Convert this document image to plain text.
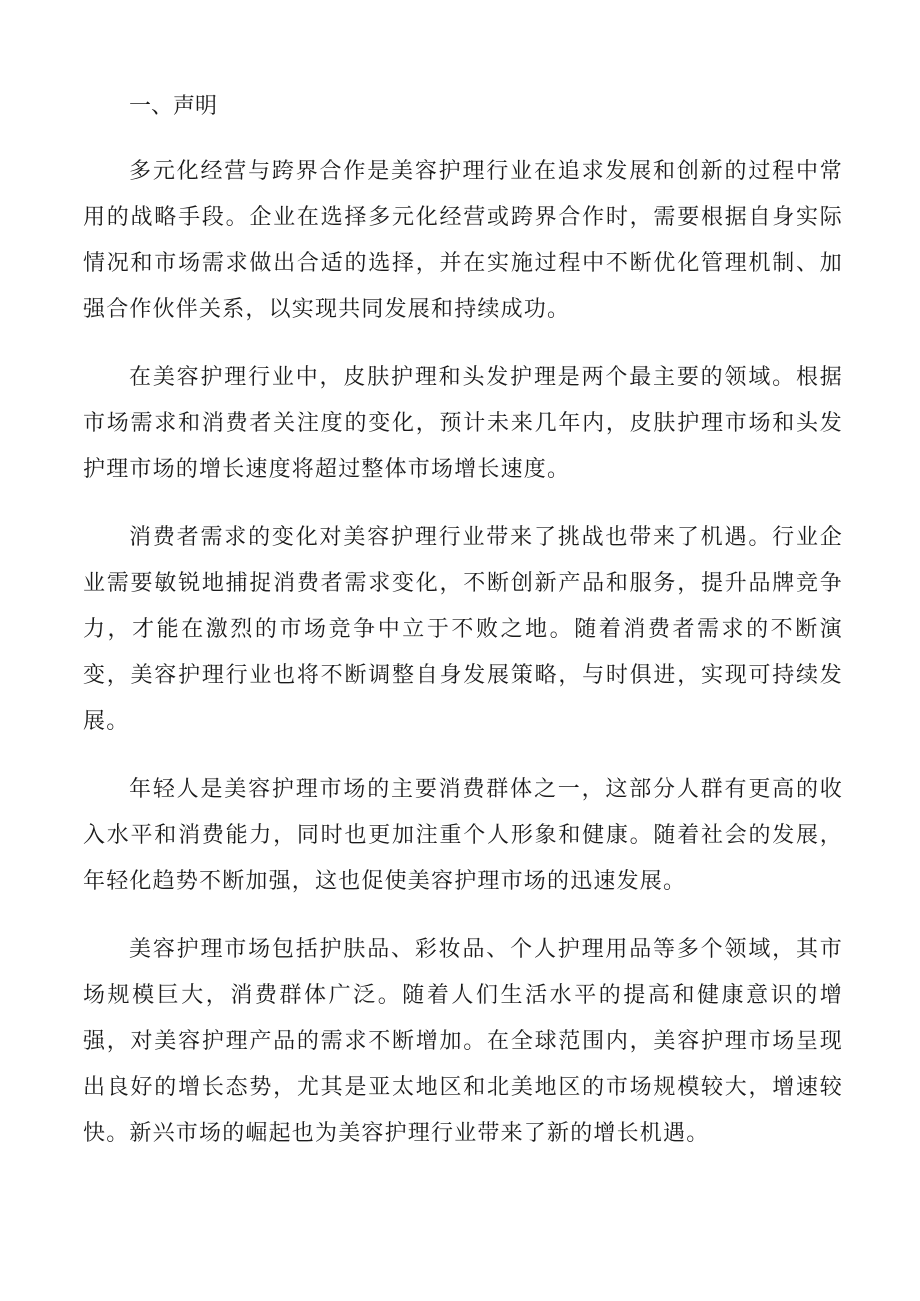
一、声明

多元化经营与跨界合作是美容护理行业在追求发展和创新的过程中常用的战略手段。企业在选择多元化经营或跨界合作时，需要根据自身实际情况和市场需求做出合适的选择，并在实施过程中不断优化管理机制、加强合作伙伴关系，以实现共同发展和持续成功。

在美容护理行业中，皮肤护理和头发护理是两个最主要的领域。根据市场需求和消费者关注度的变化，预计未来几年内，皮肤护理市场和头发护理市场的增长速度将超过整体市场增长速度。

消费者需求的变化对美容护理行业带来了挑战也带来了机遇。行业企业需要敏锐地捕捉消费者需求变化，不断创新产品和服务，提升品牌竞争力，才能在激烈的市场竞争中立于不败之地。随着消费者需求的不断演变，美容护理行业也将不断调整自身发展策略，与时俱进，实现可持续发展。

年轻人是美容护理市场的主要消费群体之一，这部分人群有更高的收入水平和消费能力，同时也更加注重个人形象和健康。随着社会的发展，年轻化趋势不断加强，这也促使美容护理市场的迅速发展。

美容护理市场包括护肤品、彩妆品、个人护理用品等多个领域，其市场规模巨大，消费群体广泛。随着人们生活水平的提高和健康意识的增强，对美容护理产品的需求不断增加。在全球范围内，美容护理市场呈现出良好的增长态势，尤其是亚太地区和北美地区的市场规模较大，增速较快。新兴市场的崛起也为美容护理行业带来了新的增长机遇。
